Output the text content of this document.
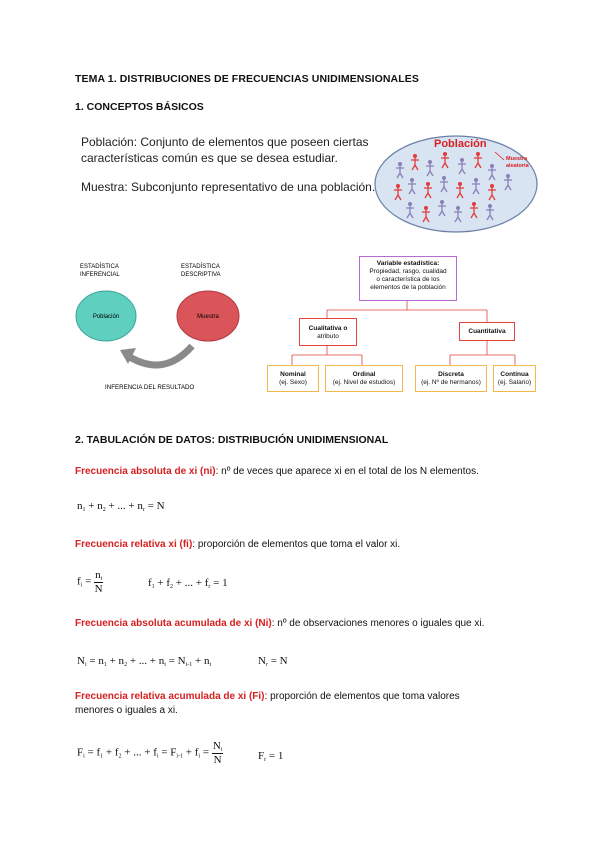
TEMA 1. DISTRIBUCIONES DE FRECUENCIAS UNIDIMENSIONALES
1. CONCEPTOS BÁSICOS
Población: Conjunto de elementos que poseen ciertas
características común es que se desea estudiar.
Muestra: Subconjunto representativo de una población.
Población
Muestra
aleatoria
ESTADÍSTICA
INFERENCIAL
ESTADÍSTICA
DESCRIPTIVA
Población	Muestra
INFERENCIA DEL RESULTADO
Variable estadística:
Propiedad, rasgo, cualidad
o característica de los
elementos de la población
Cualitativa o
atributo
Cuantitativa
Nominal
(ej. Sexo)
Ordinal
(ej. Nivel de estudios)
Discreta
(ej. Nº de hermanos)
Continua
(ej. Salario)
2. TABULACIÓN DE DATOS: DISTRIBUCIÓN UNIDIMENSIONAL
Frecuencia absoluta de xi (ni): nº de veces que aparece xi en el total de los N elementos.
$n_1 + n_2$ + ... + $n_r = N$
Frecuencia relativa xi (fi): proporción de elementos que toma el valor xi.
$f_i = \frac{n_i}{N}$	$f_1 + f_2$ + ... + $f_r = 1$
Frecuencia absoluta acumulada de xi (Ni): nº de observaciones menores o iguales que xi.
$N_i = n_1 + n_2$ + ... + $n_i = N_{i-1} + n_i$	$N_r = N$
Frecuencia relativa acumulada de xi (Fi): proporción de elementos que toma valores
menores o iguales a xi.
$F_i = f_1 + f_2$ + ... + $f_i = F_{i-1} + f_i = \frac{N_i}{N}$	$F_r = 1$
